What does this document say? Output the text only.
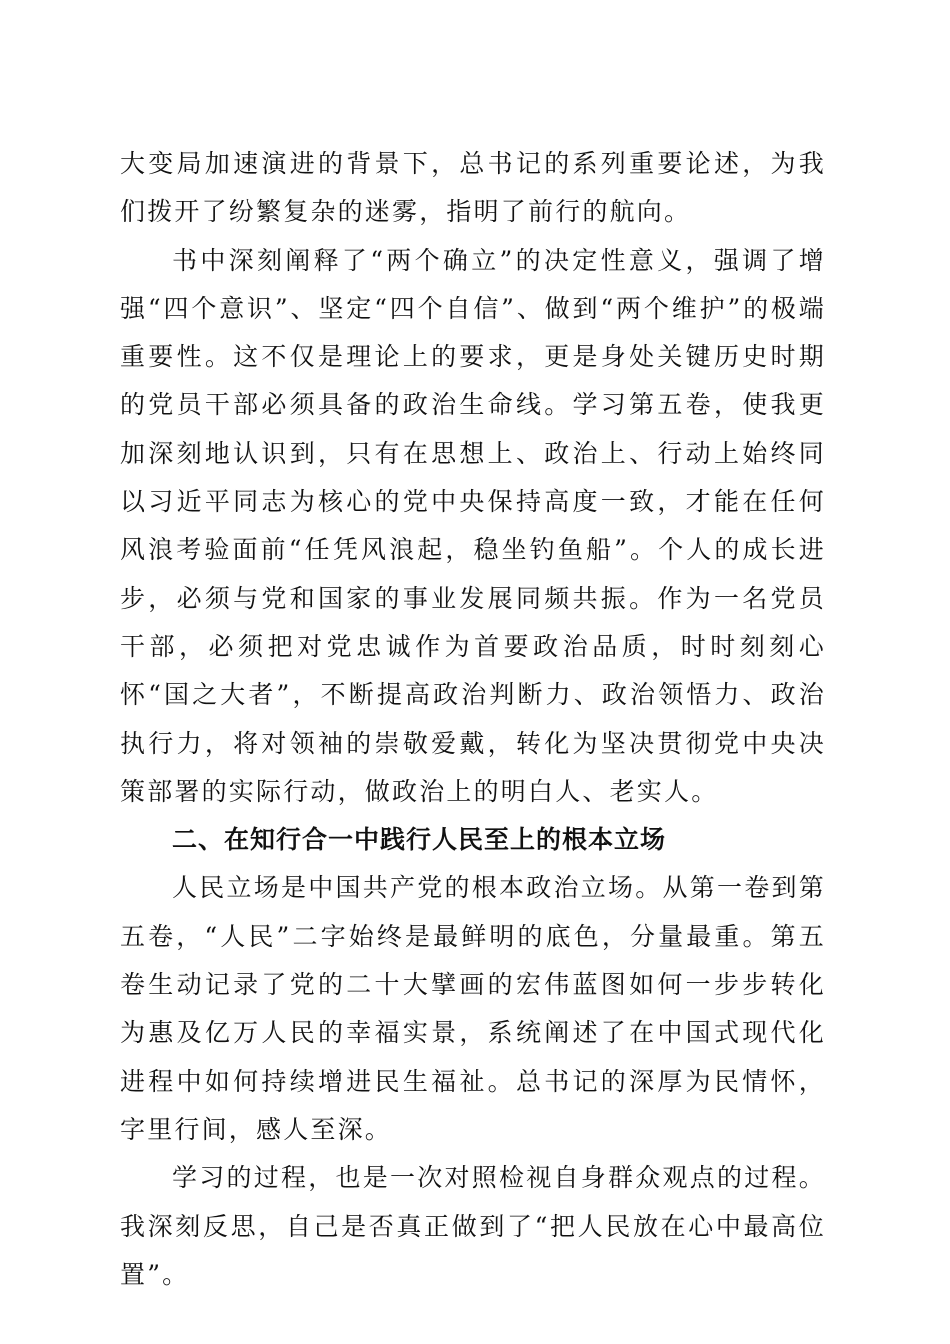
大变局加速演进的背景下，总书记的系列重要论述，为我们拨开了纷繁复杂的迷雾，指明了前行的航向。

书中深刻阐释了“两个确立”的决定性意义，强调了增强“四个意识”、坚定“四个自信”、做到“两个维护”的极端重要性。这不仅是理论上的要求，更是身处关键历史时期的党员干部必须具备的政治生命线。学习第五卷，使我更加深刻地认识到，只有在思想上、政治上、行动上始终同以习近平同志为核心的党中央保持高度一致，才能在任何风浪考验面前“任凭风浪起，稳坐钓鱼船”。个人的成长进步，必须与党和国家的事业发展同频共振。作为一名党员干部，必须把对党忠诚作为首要政治品质，时时刻刻心怀“国之大者”，不断提高政治判断力、政治领悟力、政治执行力，将对领袖的崇敬爱戴，转化为坚决贯彻党中央决策部署的实际行动，做政治上的明白人、老实人。

二、在知行合一中践行人民至上的根本立场

人民立场是中国共产党的根本政治立场。从第一卷到第五卷，“人民”二字始终是最鲜明的底色，分量最重。第五卷生动记录了党的二十大擘画的宏伟蓝图如何一步步转化为惠及亿万人民的幸福实景，系统阐述了在中国式现代化进程中如何持续增进民生福祉。总书记的深厚为民情怀，字里行间，感人至深。

学习的过程，也是一次对照检视自身群众观点的过程。我深刻反思，自己是否真正做到了“把人民放在心中最高位置”。
